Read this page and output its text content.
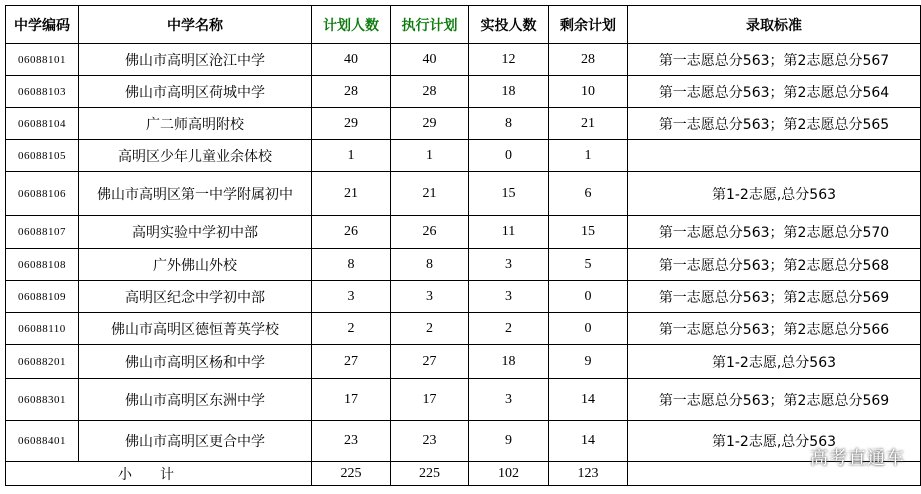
中学编码	中学名称	计划人数	执行计划	实投人数	剩余计划	录取标准
06088101	佛山市高明区沧江中学	40	40	12	28	第一志愿总分563；第2志愿总分567
06088103	佛山市高明区荷城中学	28	28	18	10	第一志愿总分563；第2志愿总分564
06088104	广二师高明附校	29	29	8	21	第一志愿总分563；第2志愿总分565
06088105	高明区少年儿童业余体校	1	1	0	1	
06088106	佛山市高明区第一中学附属初中	21	21	15	6	第1-2志愿,总分563
06088107	高明实验中学初中部	26	26	11	15	第一志愿总分563；第2志愿总分570
06088108	广外佛山外校	8	8	3	5	第一志愿总分563；第2志愿总分568
06088109	高明区纪念中学初中部	3	3	3	0	第一志愿总分563；第2志愿总分569
06088110	佛山市高明区德恒菁英学校	2	2	2	0	第一志愿总分563；第2志愿总分566
06088201	佛山市高明区杨和中学	27	27	18	9	第1-2志愿,总分563
06088301	佛山市高明区东洲中学	17	17	3	14	第一志愿总分563；第2志愿总分569
06088401	佛山市高明区更合中学	23	23	9	14	第1-2志愿,总分563
小　　计		225	225	102	123	
高考直通车
